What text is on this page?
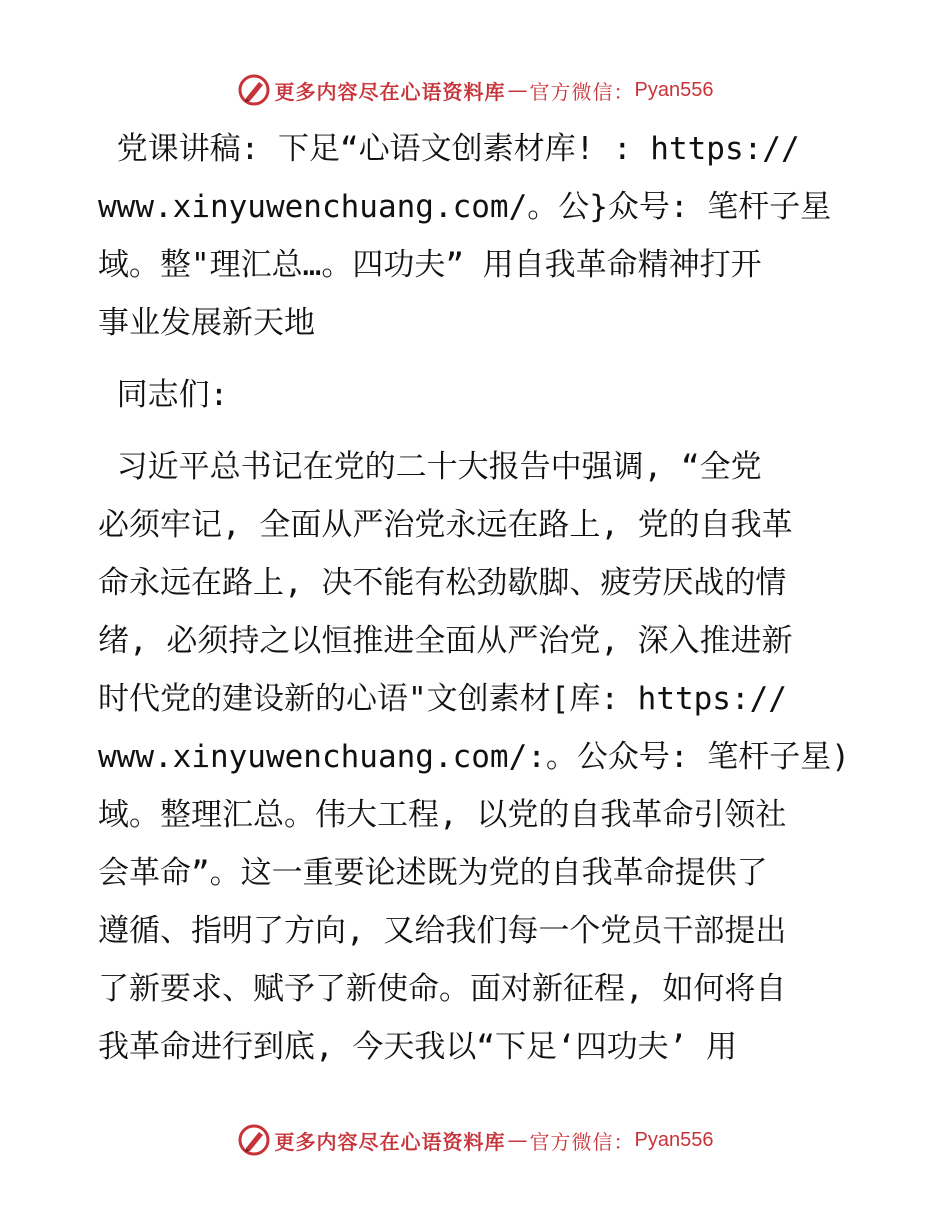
更多内容尽在心语资料库 — 官方微信： Pyan556
党课讲稿: 下足“心语文创素材库! : https://
www.xinyuwenchuang.com/。公}众号: 笔杆子星
域。整"理汇总…。四功夫” 用自我革命精神打开
事业发展新天地
同志们:
习近平总书记在党的二十大报告中强调, “全党
必须牢记, 全面从严治党永远在路上, 党的自我革
命永远在路上, 决不能有松劲歇脚、疲劳厌战的情
绪, 必须持之以恒推进全面从严治党, 深入推进新
时代党的建设新的心语"文创素材[库: https://
www.xinyuwenchuang.com/:。公众号: 笔杆子星)
域。整理汇总。伟大工程, 以党的自我革命引领社
会革命”。这一重要论述既为党的自我革命提供了
遵循、指明了方向, 又给我们每一个党员干部提出
了新要求、赋予了新使命。面对新征程, 如何将自
我革命进行到底, 今天我以“下足‘四功夫’ 用
更多内容尽在心语资料库 — 官方微信： Pyan556
